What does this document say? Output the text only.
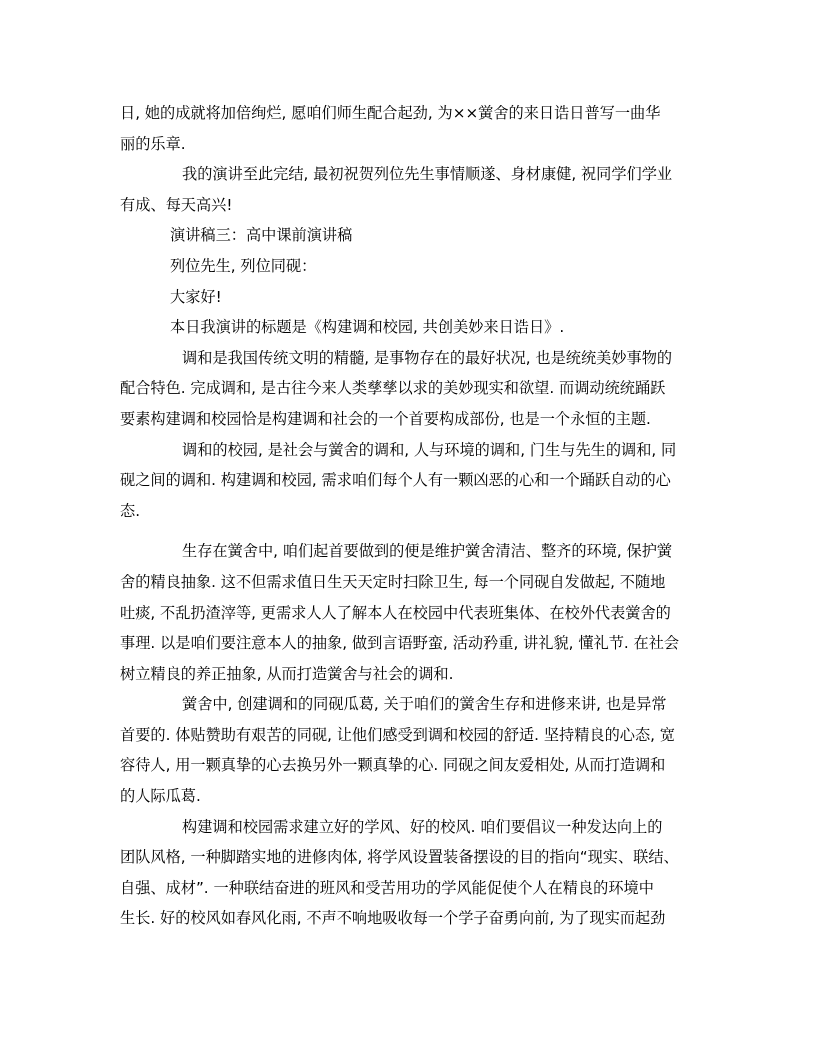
日, 她的成就将加倍绚烂, 愿咱们师生配合起劲, 为××黉舍的来日诰日普写一曲华
丽的乐章.
我的演讲至此完结, 最初祝贺列位先生事情顺遂、身材康健, 祝同学们学业
有成、每天高兴!
演讲稿三：高中课前演讲稿
列位先生, 列位同砚：
大家好!
本日我演讲的标题是《构建调和校园, 共创美妙来日诰日》.
调和是我国传统文明的精髓, 是事物存在的最好状况, 也是统统美妙事物的
配合特色. 完成调和, 是古往今来人类孳孳以求的美妙现实和欲望. 而调动统统踊跃
要素构建调和校园恰是构建调和社会的一个首要构成部份, 也是一个永恒的主题.
调和的校园, 是社会与黉舍的调和, 人与环境的调和, 门生与先生的调和, 同
砚之间的调和. 构建调和校园, 需求咱们每个人有一颗凶恶的心和一个踊跃自动的心
态.
生存在黉舍中, 咱们起首要做到的便是维护黉舍清洁、整齐的环境, 保护黉
舍的精良抽象. 这不但需求值日生天天定时扫除卫生, 每一个同砚自发做起, 不随地
吐痰, 不乱扔渣滓等, 更需求人人了解本人在校园中代表班集体、在校外代表黉舍的
事理. 以是咱们要注意本人的抽象, 做到言语野蛮, 活动矜重, 讲礼貌, 懂礼节. 在社会
树立精良的养正抽象, 从而打造黉舍与社会的调和.
黉舍中, 创建调和的同砚瓜葛, 关于咱们的黉舍生存和进修来讲, 也是异常
首要的. 体贴赞助有艰苦的同砚, 让他们感受到调和校园的舒适. 坚持精良的心态, 宽
容待人, 用一颗真挚的心去换另外一颗真挚的心. 同砚之间友爱相处, 从而打造调和
的人际瓜葛.
构建调和校园需求建立好的学风、好的校风. 咱们要倡议一种发达向上的
团队风格, 一种脚踏实地的进修肉体, 将学风设置装备摆设的目的指向“现实、联结、
自强、成材”. 一种联结奋进的班风和受苦用功的学风能促使个人在精良的环境中
生长. 好的校风如春风化雨, 不声不响地吸收每一个学子奋勇向前, 为了现实而起劲
